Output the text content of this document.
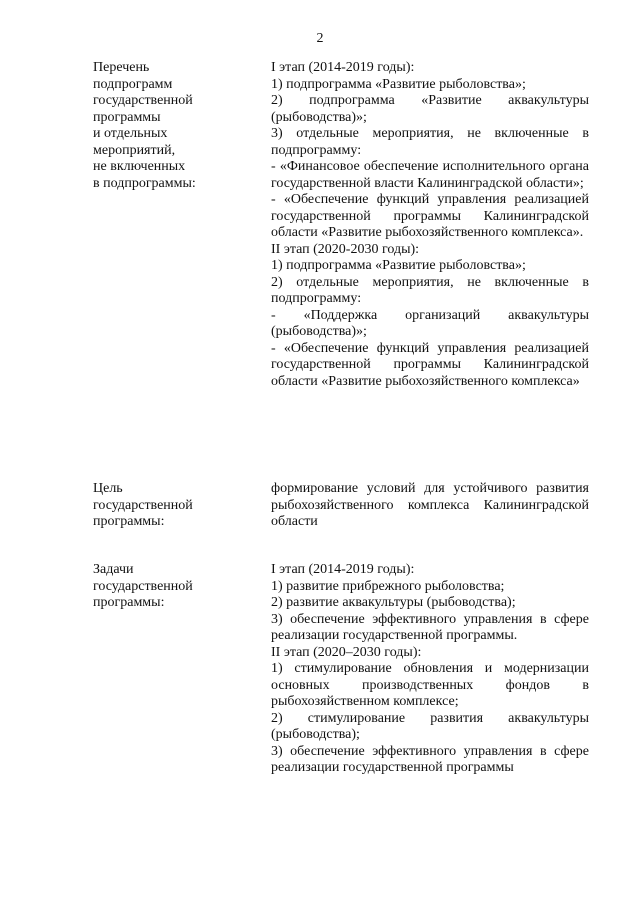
2
Перечень
подпрограмм
государственной
программы
и отдельных
мероприятий,
не включенных
в подпрограммы:

I этап (2014-2019 годы):

1) подпрограмма «Развитие рыболовства»;

2) подпрограмма «Развитие аквакультуры (рыбоводства)»;

3) отдельные мероприятия, не включенные в подпрограмму:

- «Финансовое обеспечение исполнительного органа государственной власти Калининградской области»;

- «Обеспечение функций управления реализацией государственной программы Калининградской области «Развитие рыбохозяйственного комплекса».

II этап (2020-2030 годы):

1) подпрограмма «Развитие рыболовства»;

2) отдельные мероприятия, не включенные в подпрограмму:

- «Поддержка организаций аквакультуры (рыбоводства)»;

- «Обеспечение функций управления реализацией государственной программы Калининградской области «Развитие рыбохозяйственного комплекса»

Цель
государственной
программы:

формирование условий для устойчивого развития рыбохозяйственного комплекса Калининградской области

Задачи
государственной
программы:

I этап (2014-2019 годы):

1) развитие прибрежного рыболовства;

2) развитие аквакультуры (рыбоводства);

3) обеспечение эффективного управления в сфере реализации государственной программы.

II этап (2020–2030 годы):

1) стимулирование обновления и модернизации основных производственных фондов в рыбохозяйственном комплексе;

2) стимулирование развития аквакультуры (рыбоводства);

3) обеспечение эффективного управления в сфере реализации государственной программы
